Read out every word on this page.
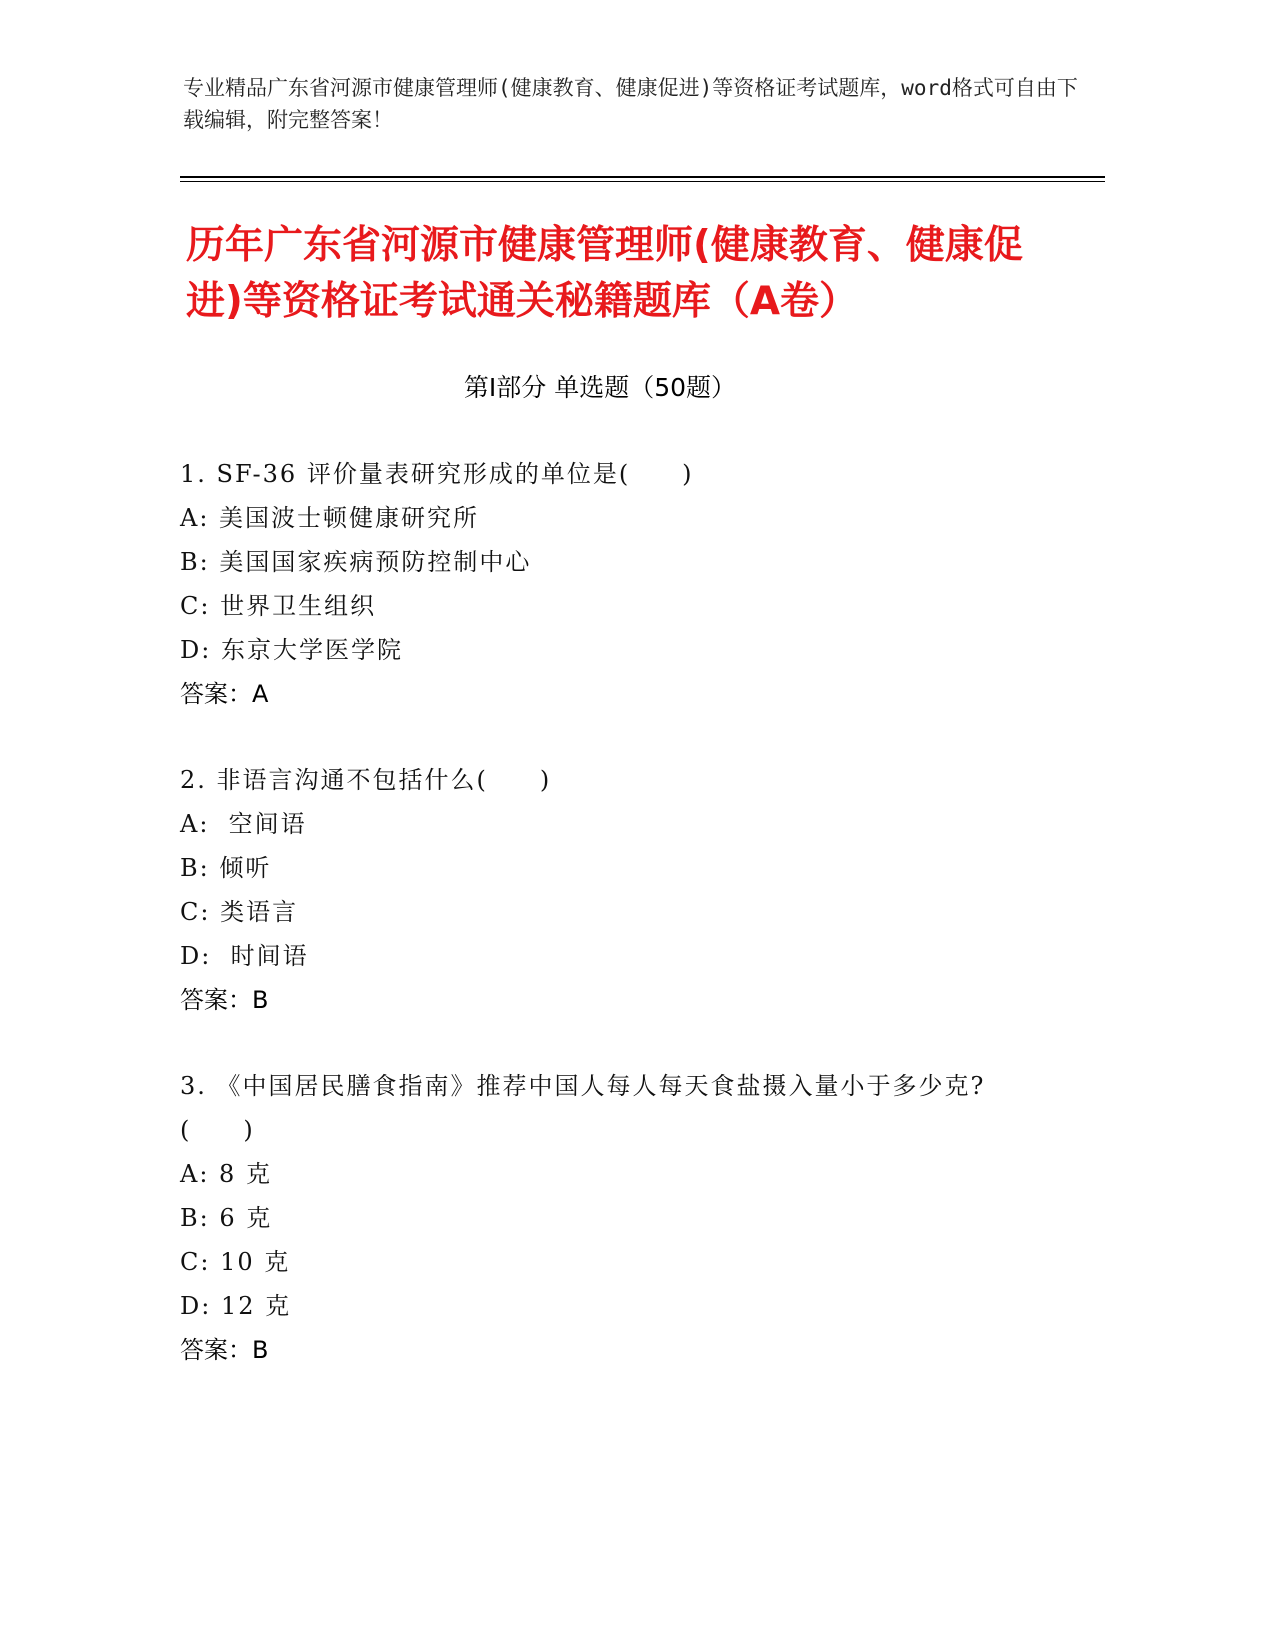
专业精品广东省河源市健康管理师(健康教育、健康促进)等资格证考试题库，word格式可自由下载编辑，附完整答案！
历年广东省河源市健康管理师(健康教育、健康促进)等资格证考试通关秘籍题库（A卷）
第Ⅰ部分 单选题（50题）
1. SF-36 评价量表研究形成的单位是(　　)
A: 美国波士顿健康研究所
B: 美国国家疾病预防控制中心
C: 世界卫生组织
D: 东京大学医学院
答案：A
2. 非语言沟通不包括什么(　　)
A:  空间语
B: 倾听
C: 类语言
D:  时间语
答案：B
3. 《中国居民膳食指南》推荐中国人每人每天食盐摄入量小于多少克?(　　)
A: 8 克
B: 6 克
C: 10 克
D: 12 克
答案：B
